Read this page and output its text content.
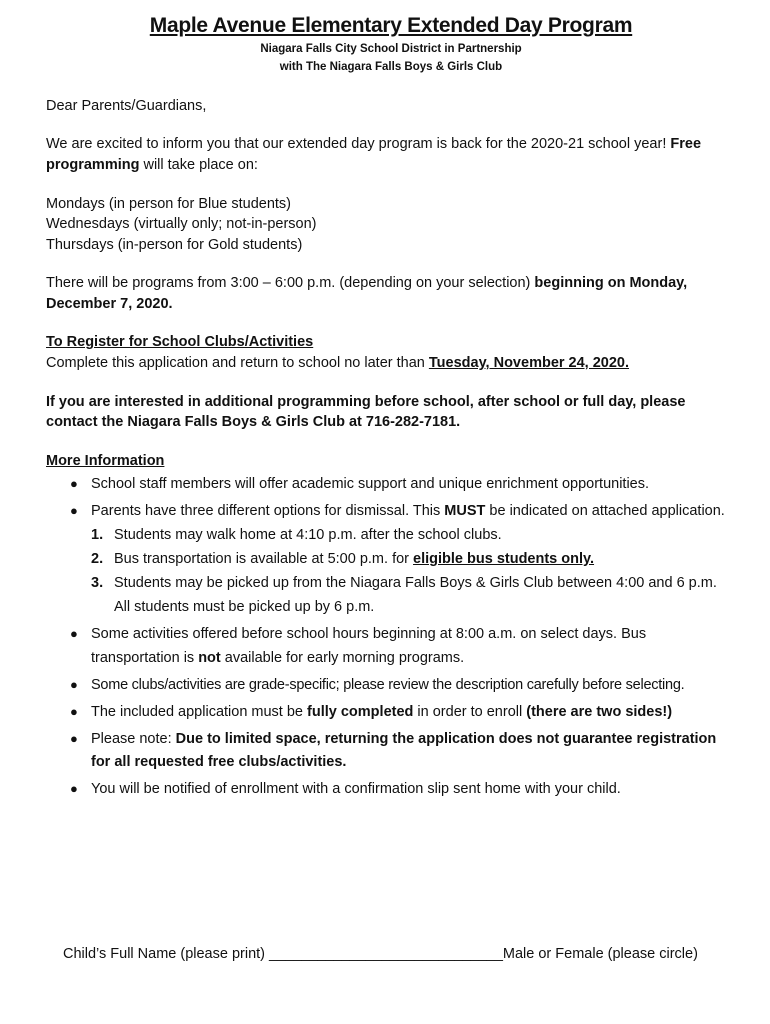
Maple Avenue Elementary Extended Day Program

Niagara Falls City School District in Partnership

with The Niagara Falls Boys & Girls Club

Dear Parents/Guardians,

We are excited to inform you that our extended day program is back for the 2020-21 school year! Free programming will take place on:

Mondays (in person for Blue students)

Wednesdays (virtually only; not-in-person)

Thursdays (in-person for Gold students)

There will be programs from 3:00 – 6:00 p.m. (depending on your selection) beginning on Monday, December 7, 2020.

To Register for School Clubs/Activities

Complete this application and return to school no later than Tuesday, November 24, 2020.

If you are interested in additional programming before school, after school or full day, please contact the Niagara Falls Boys & Girls Club at 716-282-7181.

More Information

● School staff members will offer academic support and unique enrichment opportunities.
● Parents have three different options for dismissal. This MUST be indicated on attached application.
1. Students may walk home at 4:10 p.m. after the school clubs.
2. Bus transportation is available at 5:00 p.m. for eligible bus students only.
3. Students may be picked up from the Niagara Falls Boys & Girls Club between 4:00 and 6 p.m. All students must be picked up by 6 p.m.
● Some activities offered before school hours beginning at 8:00 a.m. on select days. Bus transportation is not available for early morning programs.
● Some clubs/activities are grade-specific; please review the description carefully before selecting.
● The included application must be fully completed in order to enroll (there are two sides!)
● Please note: Due to limited space, returning the application does not guarantee registration for all requested free clubs/activities.
● You will be notified of enrollment with a confirmation slip sent home with your child.
Child’s Full Name (please print) _____________________________Male or Female (please circle)
